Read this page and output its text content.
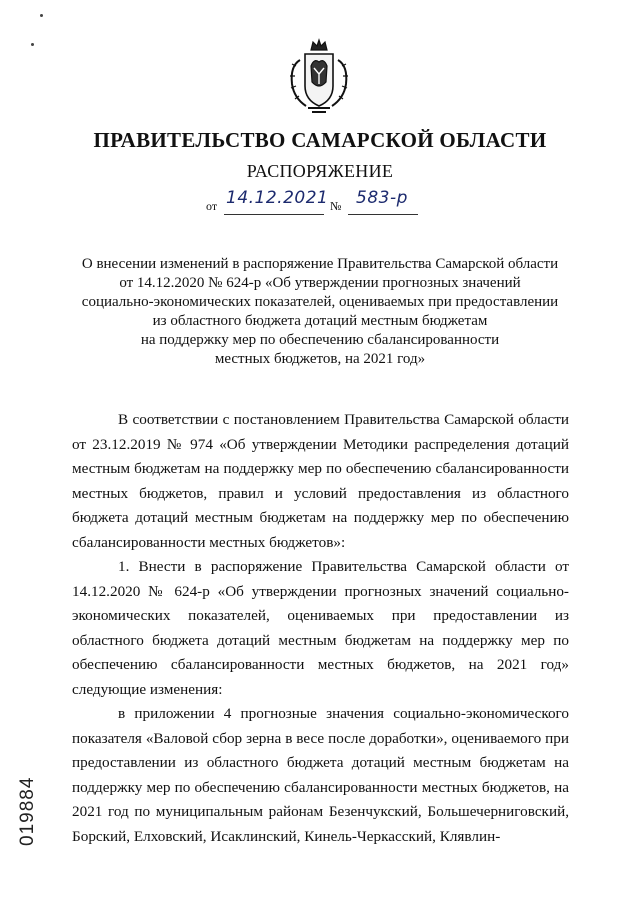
ПРАВИТЕЛЬСТВО САМАРСКОЙ ОБЛАСТИ
РАСПОРЯЖЕНИЕ
от 14.12.2021 № 583-р
О внесении изменений в распоряжение Правительства Самарской области
от 14.12.2020 № 624-р «Об утверждении прогнозных значений
социально-экономических показателей, оцениваемых при предоставлении
из областного бюджета дотаций местным бюджетам
на поддержку мер по обеспечению сбалансированности
местных бюджетов, на 2021 год»

В соответствии с постановлением Правительства Самарской области от 23.12.2019 № 974 «Об утверждении Методики распределения дотаций местным бюджетам на поддержку мер по обеспечению сбалансированности местных бюджетов, правил и условий предоставления из областного бюджета дотаций местным бюджетам на поддержку мер по обеспечению сбалансированности местных бюджетов»:

1. Внести в распоряжение Правительства Самарской области от 14.12.2020 № 624-р «Об утверждении прогнозных значений социально-экономических показателей, оцениваемых при предоставлении из областного бюджета дотаций местным бюджетам на поддержку мер по обеспечению сбалансированности местных бюджетов, на 2021 год» следующие изменения:

в приложении 4 прогнозные значения социально-экономического показателя «Валовой сбор зерна в весе после доработки», оцениваемого при предоставлении из областного бюджета дотаций местным бюджетам на поддержку мер по обеспечению сбалансированности местных бюджетов, на 2021 год по муниципальным районам Безенчукский, Большечерниговский, Борский, Елховский, Исаклинский, Кинель-Черкасский, Клявлин-

019884
